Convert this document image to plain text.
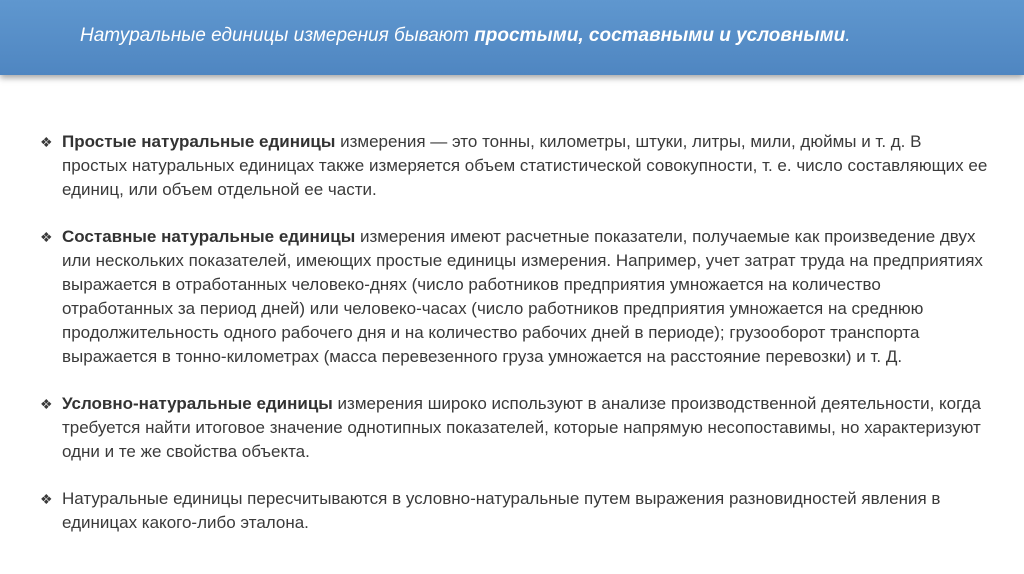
Натуральные единицы измерения бывают простыми, составными и условными.
❖ Простые натуральные единицы измерения — это тонны, километры, штуки, литры, мили, дюймы и т. д. В простых натуральных единицах также измеряется объем статистической совокупности, т. е. число составляющих ее единиц, или объем отдельной ее части.
❖ Составные натуральные единицы измерения имеют расчетные показатели, получаемые как произведение двух или нескольких показателей, имеющих простые единицы измерения. Например, учет затрат труда на предприятиях выражается в отработанных человеко-днях (число работников предприятия умножается на количество отработанных за период дней) или человеко-часах (число работников предприятия умножается на среднюю продолжительность одного рабочего дня и на количество рабочих дней в периоде); грузооборот транспорта выражается в тонно-километрах (масса перевезенного груза умножается на расстояние перевозки) и т. Д.
❖ Условно-натуральные единицы измерения широко используют в анализе производственной деятельности, когда требуется найти итоговое значение однотипных показателей, которые напрямую несопоставимы, но характеризуют одни и те же свойства объекта.
❖ Натуральные единицы пересчитываются в условно-натуральные путем выражения разновидностей явления в единицах какого-либо эталона.
